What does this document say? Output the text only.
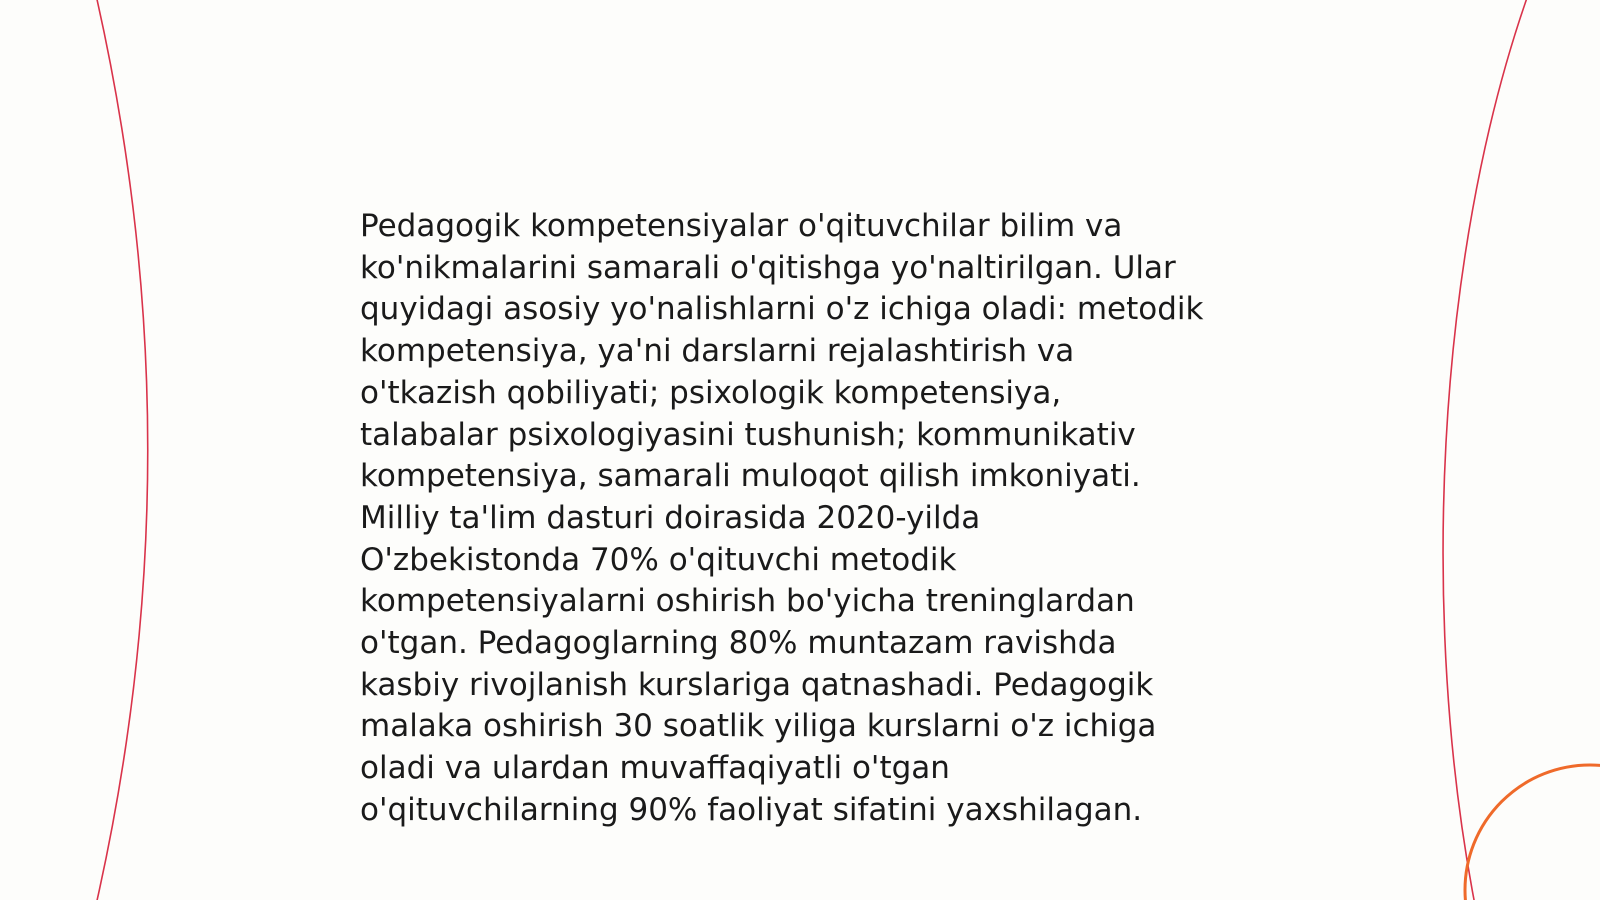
Pedagogik kompetensiyalar o'qituvchilar bilim va
ko'nikmalarini samarali o'qitishga yo'naltirilgan. Ular
quyidagi asosiy yo'nalishlarni o'z ichiga oladi: metodik
kompetensiya, ya'ni darslarni rejalashtirish va
o'tkazish qobiliyati; psixologik kompetensiya,
talabalar psixologiyasini tushunish; kommunikativ
kompetensiya, samarali muloqot qilish imkoniyati.
Milliy ta'lim dasturi doirasida 2020-yilda
O'zbekistonda 70% o'qituvchi metodik
kompetensiyalarni oshirish bo'yicha treninglardan
o'tgan. Pedagoglarning 80% muntazam ravishda
kasbiy rivojlanish kurslariga qatnashadi. Pedagogik
malaka oshirish 30 soatlik yiliga kurslarni o'z ichiga
oladi va ulardan muvaffaqiyatli o'tgan
o'qituvchilarning 90% faoliyat sifatini yaxshilagan.
